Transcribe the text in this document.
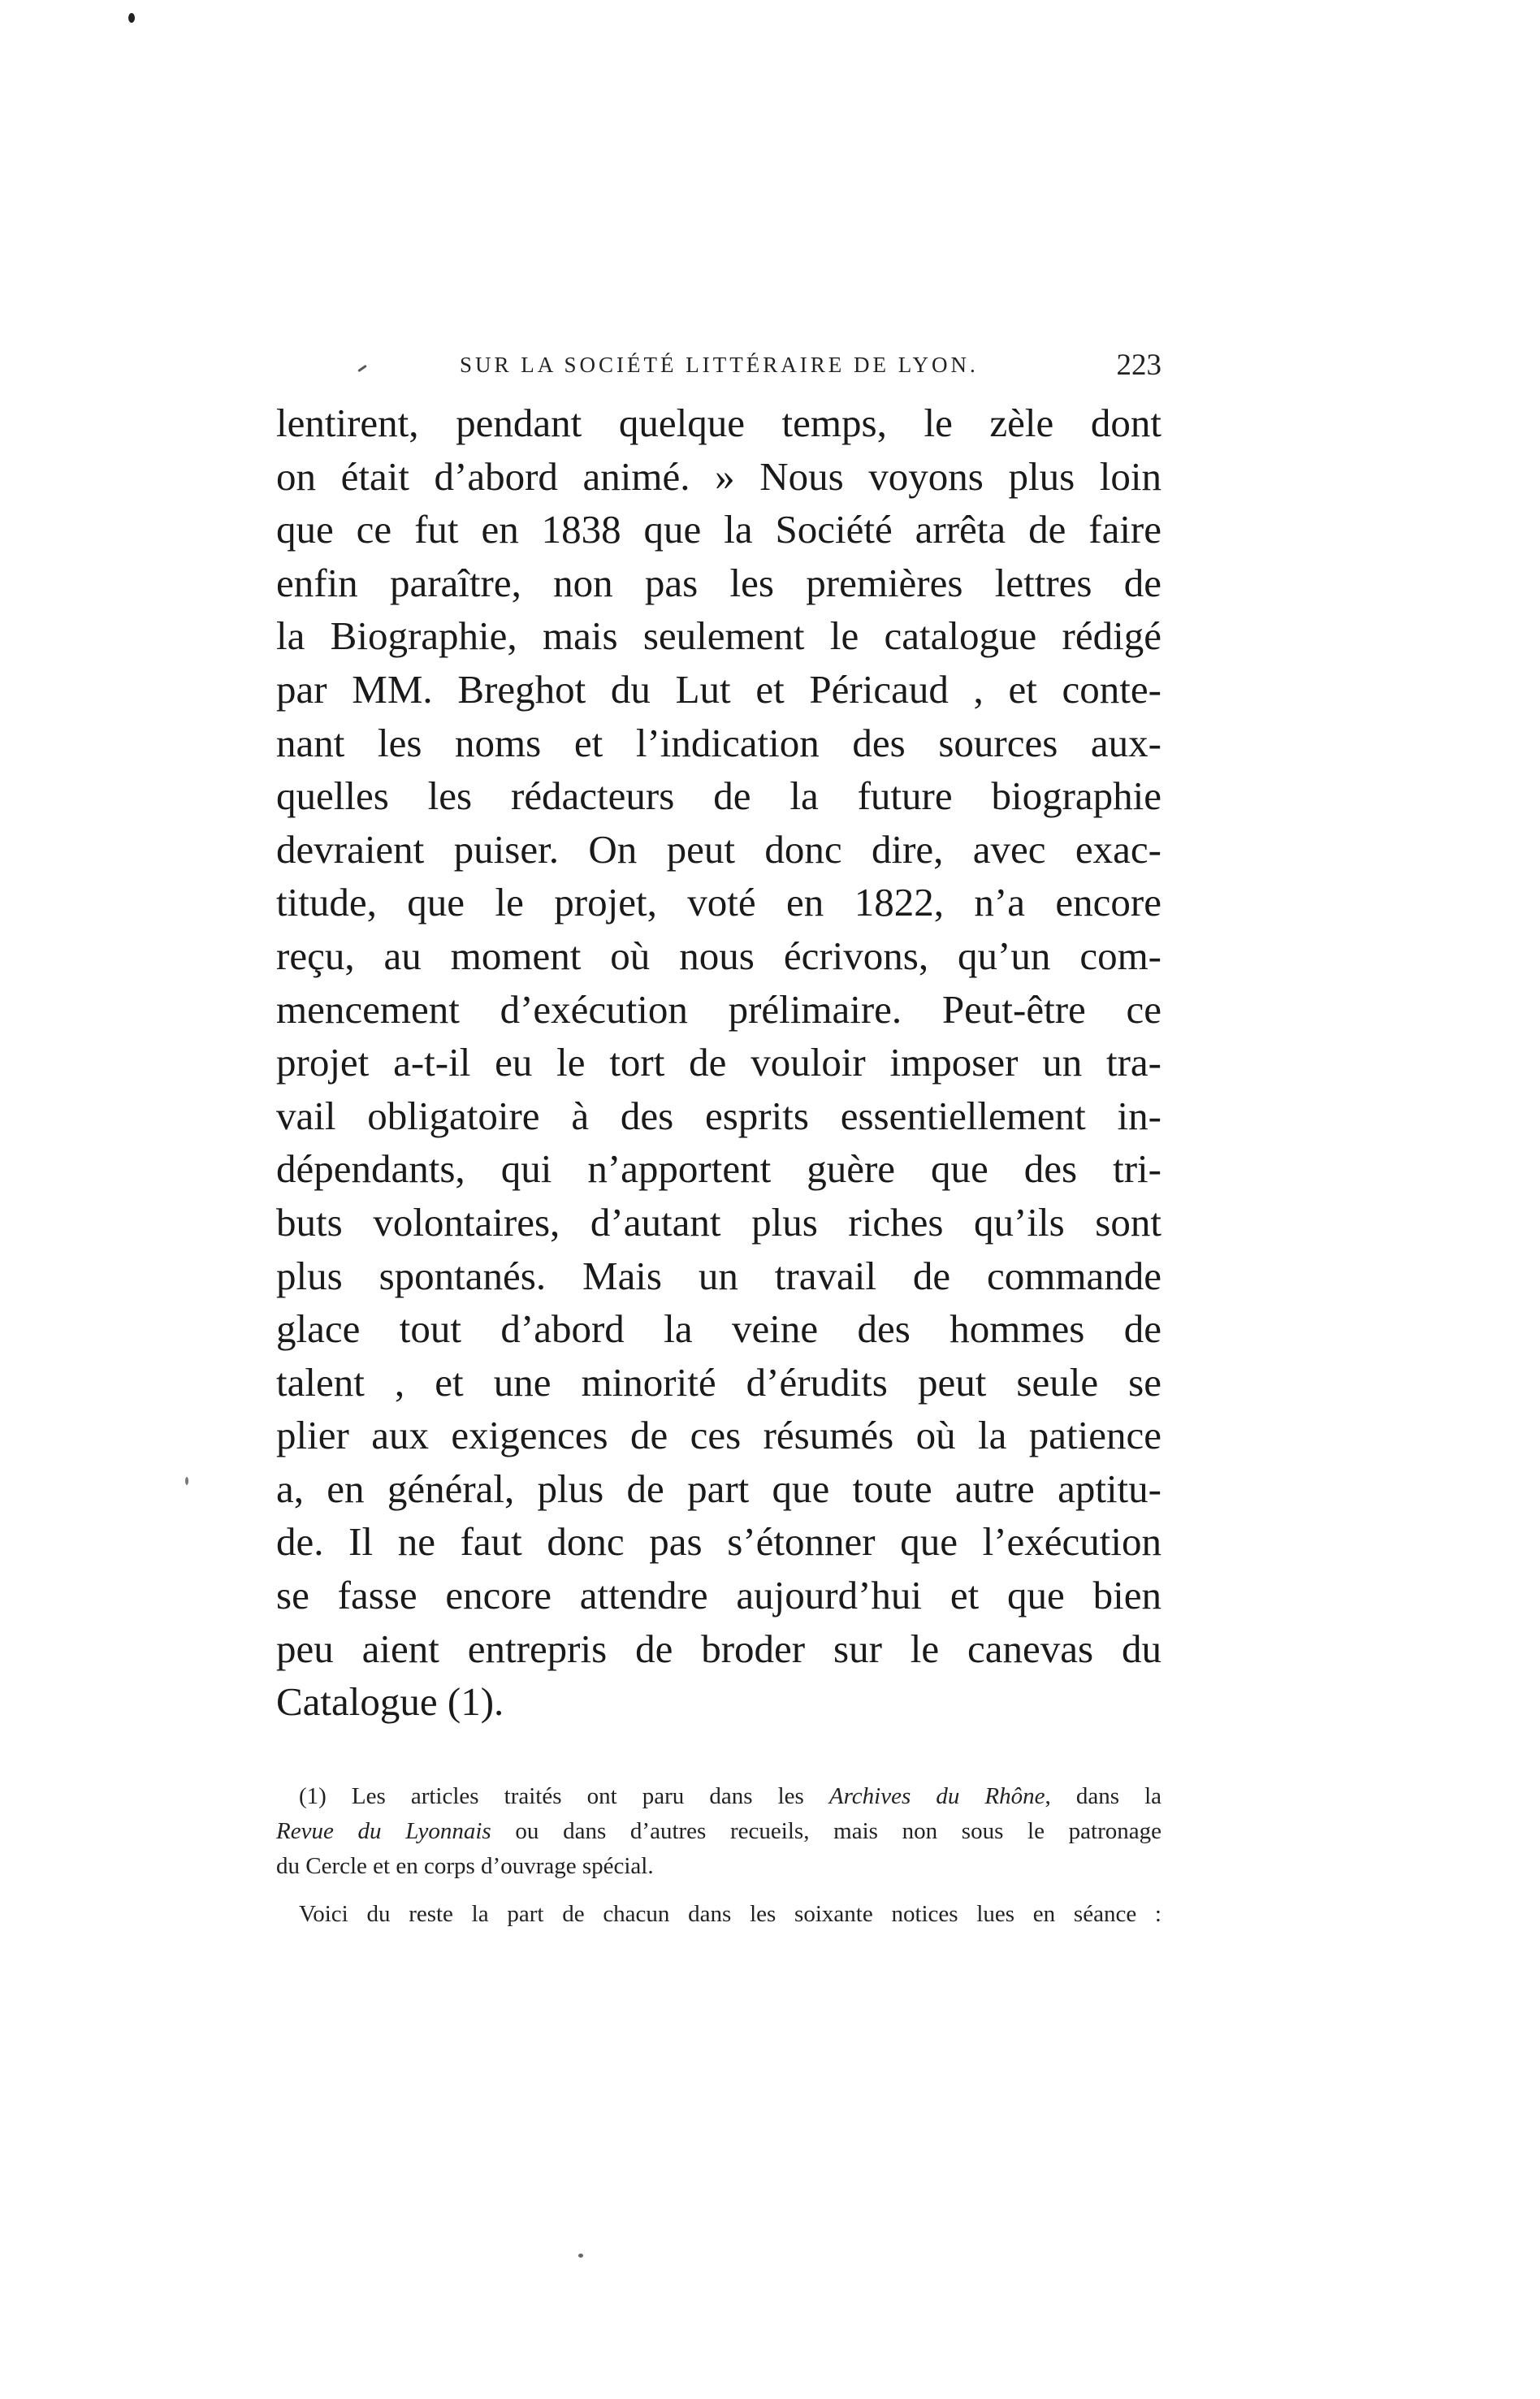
SUR LA SOCIÉTÉ LITTÉRAIRE DE LYON.	223
lentirent, pendant quelque temps, le zèle dont
on était d’abord animé. » Nous voyons plus loin
que ce fut en 1838 que la Société arrêta de faire
enfin paraître, non pas les premières lettres de
la Biographie, mais seulement le catalogue rédigé
par MM. Breghot du Lut et Péricaud , et conte-
nant les noms et l’indication des sources aux-
quelles les rédacteurs de la future biographie
devraient puiser. On peut donc dire, avec exac-
titude, que le projet, voté en 1822, n’a encore
reçu, au moment où nous écrivons, qu’un com-
mencement d’exécution prélimaire. Peut-être ce
projet a-t-il eu le tort de vouloir imposer un tra-
vail obligatoire à des esprits essentiellement in-
dépendants, qui n’apportent guère que des tri-
buts volontaires, d’autant plus riches qu’ils sont
plus spontanés. Mais un travail de commande
glace tout d’abord la veine des hommes de
talent , et une minorité d’érudits peut seule se
plier aux exigences de ces résumés où la patience
a, en général, plus de part que toute autre aptitu-
de. Il ne faut donc pas s’étonner que l’exécution
se fasse encore attendre aujourd’hui et que bien
peu aient entrepris de broder sur le canevas du
Catalogue (1).
(1) Les articles traités ont paru dans les Archives du Rhône, dans la
Revue du Lyonnais ou dans d’autres recueils, mais non sous le patronage
du Cercle et en corps d’ouvrage spécial.
Voici du reste la part de chacun dans les soixante notices lues en séance :
